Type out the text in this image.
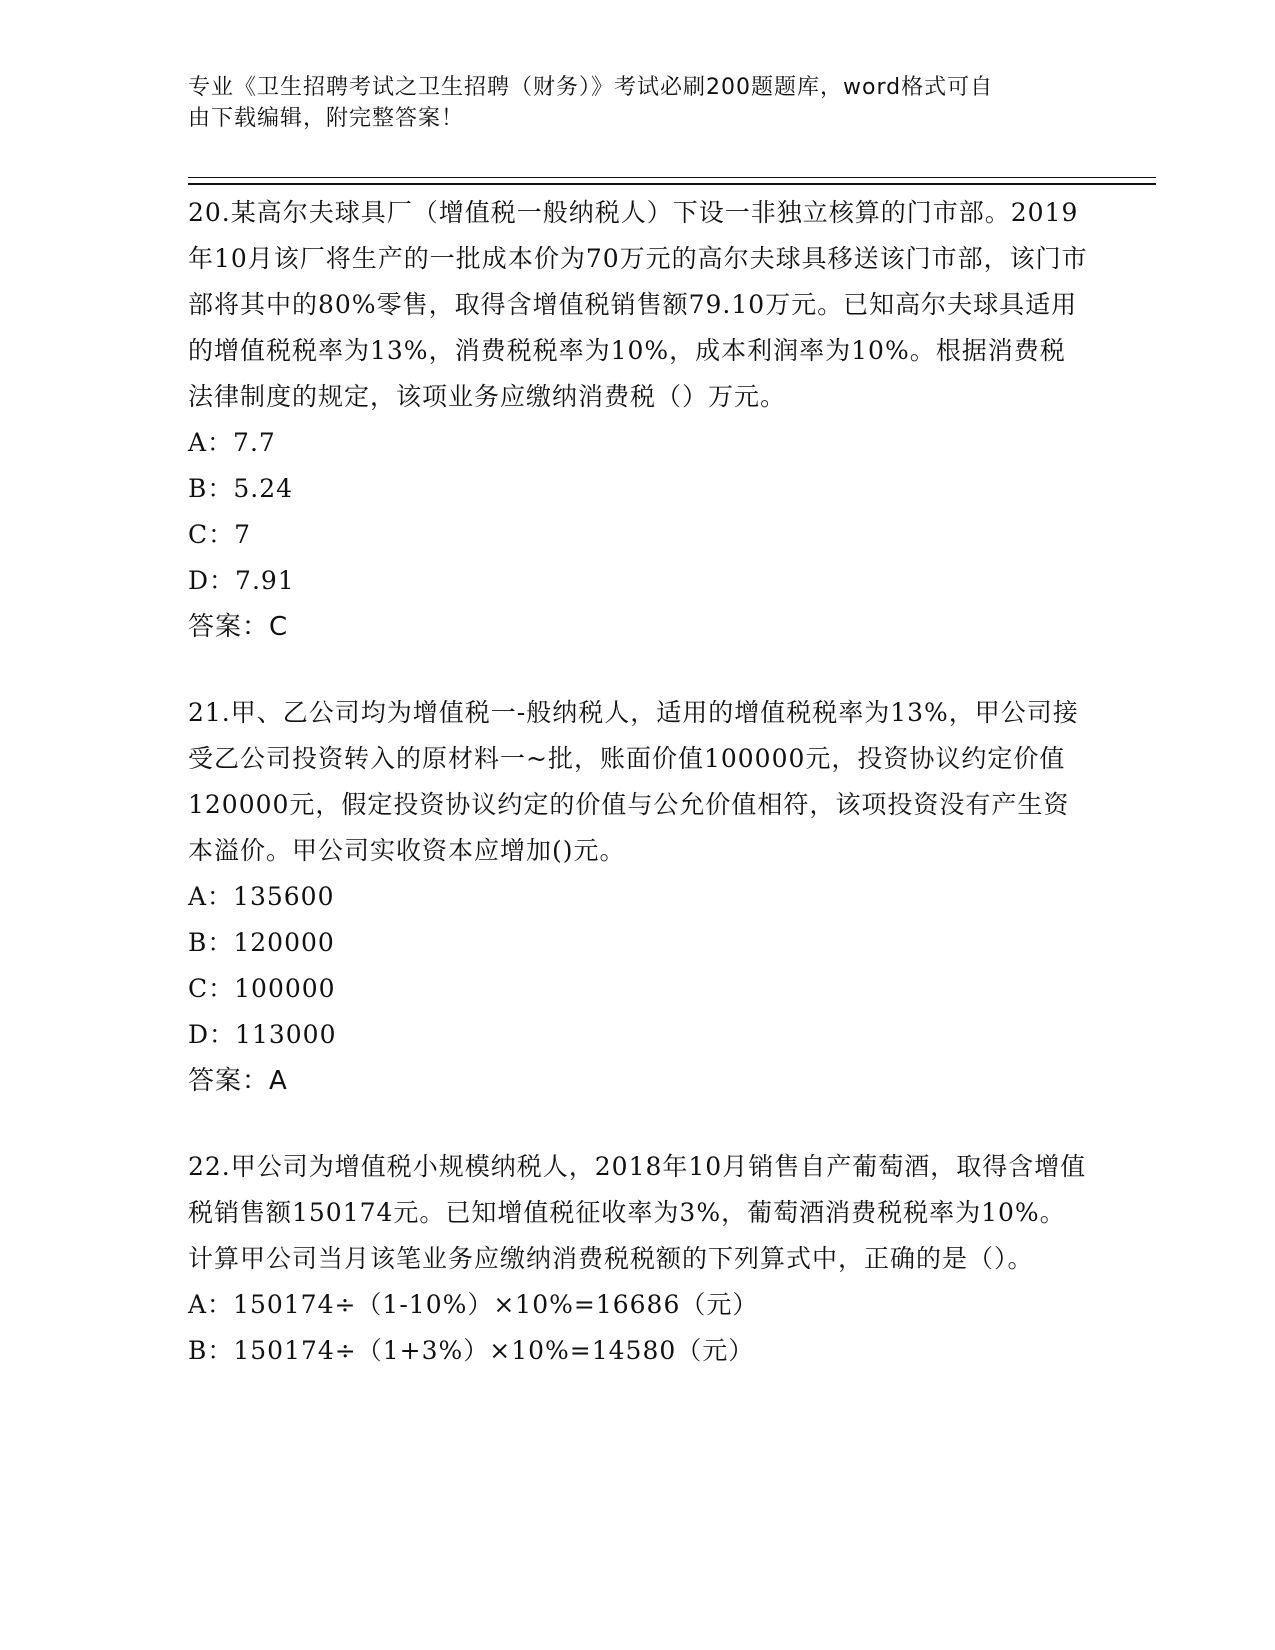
专业《卫生招聘考试之卫生招聘（财务）》考试必刷200题题库，word格式可自
由下载编辑，附完整答案！

20.某高尔夫球具厂（增值税一般纳税人）下设一非独立核算的门市部。2019年10月该厂将生产的一批成本价为70万元的高尔夫球具移送该门市部，该门市部将其中的80%零售，取得含增值税销售额79.10万元。已知高尔夫球具适用的增值税税率为13%，消费税税率为10%，成本利润率为10%。根据消费税法律制度的规定，该项业务应缴纳消费税（）万元。

A：7.7

B：5.24

C：7

D：7.91

答案：C

21.甲、乙公司均为增值税一-般纳税人，适用的增值税税率为13%，甲公司接受乙公司投资转入的原材料一~批，账面价值100000元，投资协议约定价值120000元，假定投资协议约定的价值与公允价值相符，该项投资没有产生资本溢价。甲公司实收资本应增加()元。

A：135600

B：120000

C：100000

D：113000

答案：A

22.甲公司为增值税小规模纳税人，2018年10月销售自产葡萄酒，取得含增值税销售额150174元。已知增值税征收率为3%，葡萄酒消费税税率为10%。计算甲公司当月该笔业务应缴纳消费税税额的下列算式中，正确的是（）。

A：150174÷（1-10%）×10%=16686（元）

B：150174÷（1+3%）×10%=14580（元）
